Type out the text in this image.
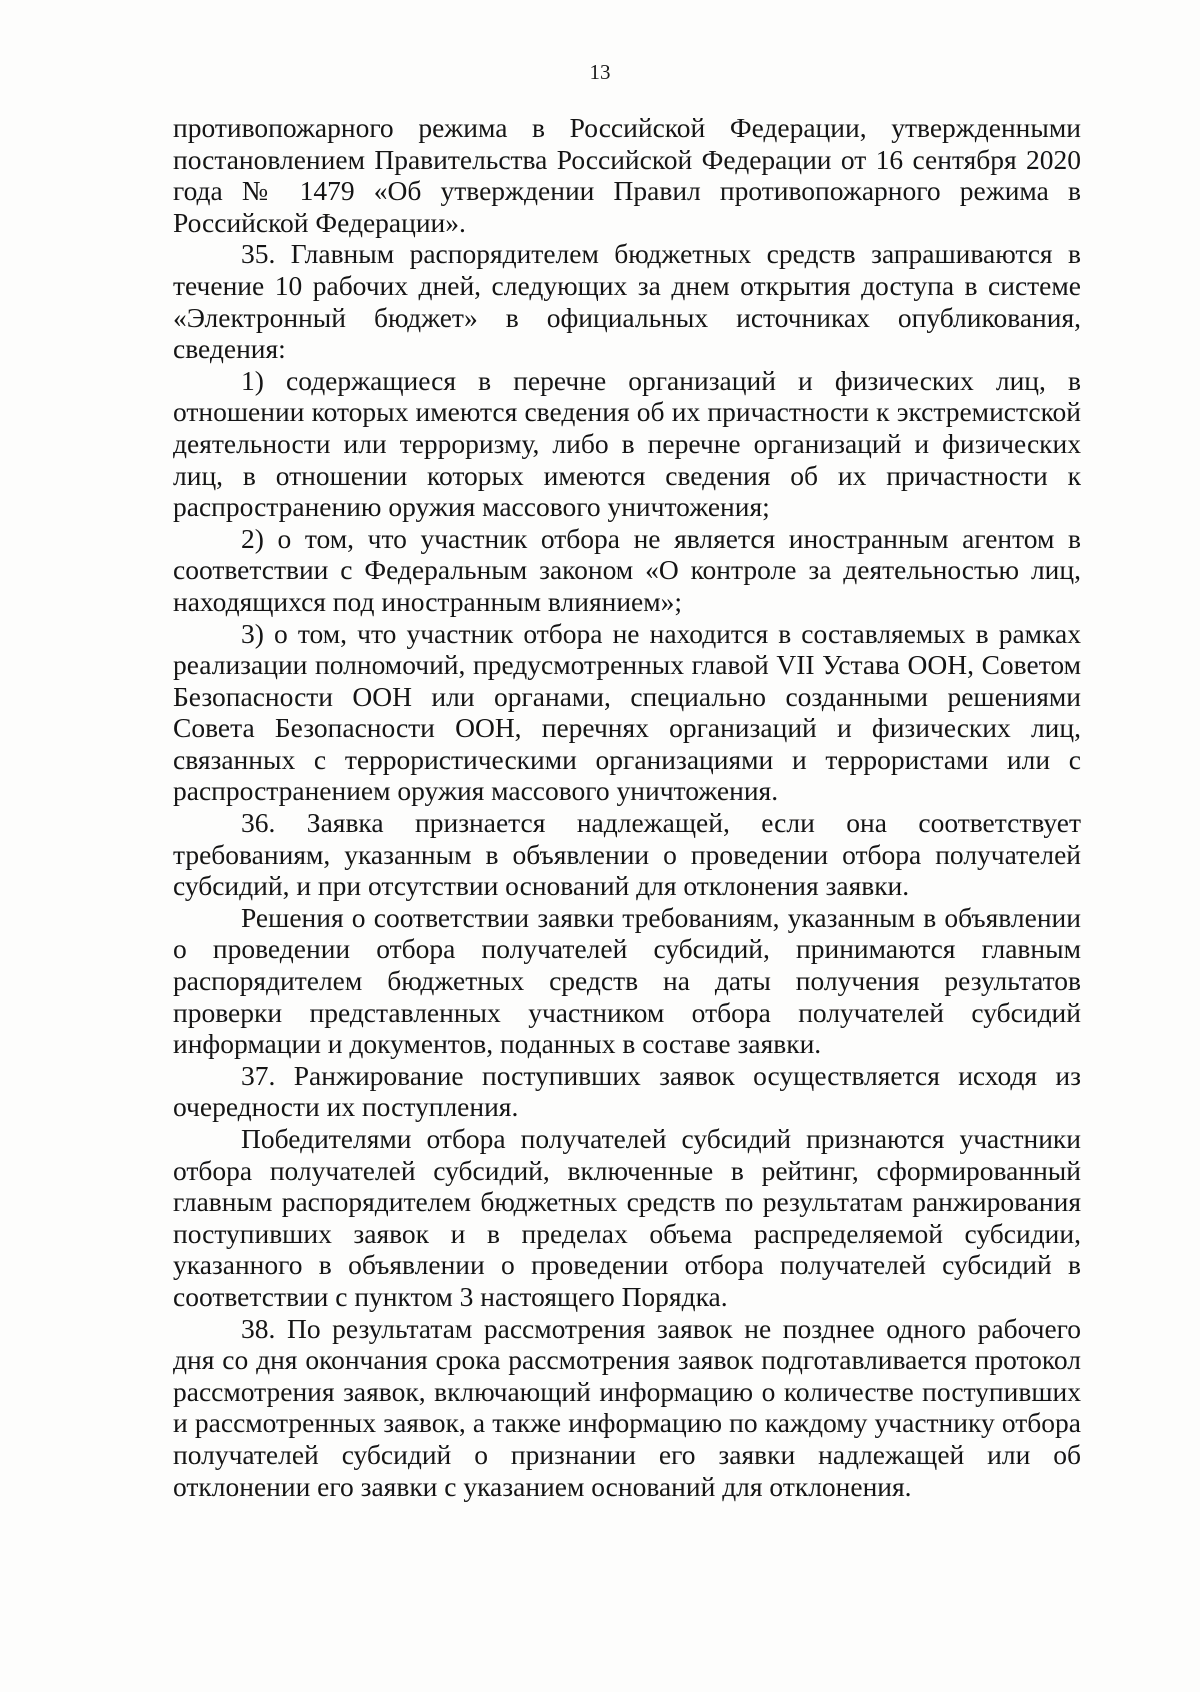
13

противопожарного режима в Российской Федерации, утвержденными постановлением Правительства Российской Федерации от 16 сентября 2020 года № 1479 «Об утверждении Правил противопожарного режима в Российской Федерации».

35. Главным распорядителем бюджетных средств запрашиваются в течение 10 рабочих дней, следующих за днем открытия доступа в системе «Электронный бюджет» в официальных источниках опубликования, сведения:

1) содержащиеся в перечне организаций и физических лиц, в отношении которых имеются сведения об их причастности к экстремистской деятельности или терроризму, либо в перечне организаций и физических лиц, в отношении которых имеются сведения об их причастности к распространению оружия массового уничтожения;

2) о том, что участник отбора не является иностранным агентом в соответствии с Федеральным законом «О контроле за деятельностью лиц, находящихся под иностранным влиянием»;

3) о том, что участник отбора не находится в составляемых в рамках реализации полномочий, предусмотренных главой VII Устава ООН, Советом Безопасности ООН или органами, специально созданными решениями Совета Безопасности ООН, перечнях организаций и физических лиц, связанных с террористическими организациями и террористами или с распространением оружия массового уничтожения.

36. Заявка признается надлежащей, если она соответствует требованиям, указанным в объявлении о проведении отбора получателей субсидий, и при отсутствии оснований для отклонения заявки.

Решения о соответствии заявки требованиям, указанным в объявлении о проведении отбора получателей субсидий, принимаются главным распорядителем бюджетных средств на даты получения результатов проверки представленных участником отбора получателей субсидий информации и документов, поданных в составе заявки.

37. Ранжирование поступивших заявок осуществляется исходя из очередности их поступления.

Победителями отбора получателей субсидий признаются участники отбора получателей субсидий, включенные в рейтинг, сформированный главным распорядителем бюджетных средств по результатам ранжирования поступивших заявок и в пределах объема распределяемой субсидии, указанного в объявлении о проведении отбора получателей субсидий в соответствии с пунктом 3 настоящего Порядка.

38. По результатам рассмотрения заявок не позднее одного рабочего дня со дня окончания срока рассмотрения заявок подготавливается протокол рассмотрения заявок, включающий информацию о количестве поступивших и рассмотренных заявок, а также информацию по каждому участнику отбора получателей субсидий о признании его заявки надлежащей или об отклонении его заявки с указанием оснований для отклонения.
